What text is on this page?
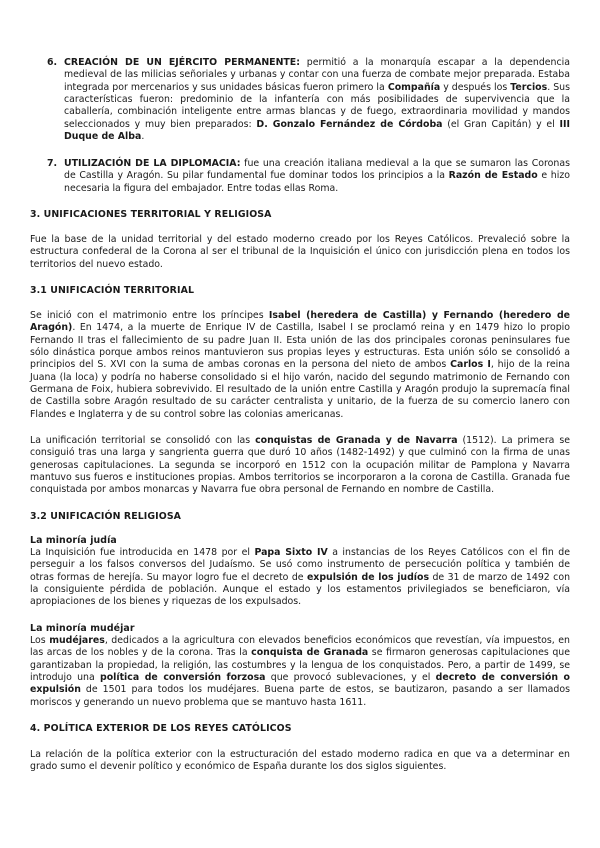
6. CREACIÓN DE UN EJÉRCITO PERMANENTE: permitió a la monarquía escapar a la dependencia medieval de las milicias señoriales y urbanas y contar con una fuerza de combate mejor preparada. Estaba integrada por mercenarios y sus unidades básicas fueron primero la Compañía y después los Tercios. Sus características fueron: predominio de la infantería con más posibilidades de supervivencia que la caballería, combinación inteligente entre armas blancas y de fuego, extraordinaria movilidad y mandos seleccionados y muy bien preparados: D. Gonzalo Fernández de Córdoba (el Gran Capitán) y el III Duque de Alba.

7. UTILIZACIÓN DE LA DIPLOMACIA: fue una creación italiana medieval a la que se sumaron las Coronas de Castilla y Aragón. Su pilar fundamental fue dominar todos los principios a la Razón de Estado e hizo necesaria la figura del embajador. Entre todas ellas Roma.

3. UNIFICACIONES TERRITORIAL Y RELIGIOSA

Fue la base de la unidad territorial y del estado moderno creado por los Reyes Católicos. Prevaleció sobre la estructura confederal de la Corona al ser el tribunal de la Inquisición el único con jurisdicción plena en todos los territorios del nuevo estado.

3.1 UNIFICACIÓN TERRITORIAL

Se inició con el matrimonio entre los príncipes Isabel (heredera de Castilla) y Fernando (heredero de Aragón). En 1474, a la muerte de Enrique IV de Castilla, Isabel I se proclamó reina y en 1479 hizo lo propio Fernando II tras el fallecimiento de su padre Juan II. Esta unión de las dos principales coronas peninsulares fue sólo dinástica porque ambos reinos mantuvieron sus propias leyes y estructuras. Esta unión sólo se consolidó a principios del S. XVI con la suma de ambas coronas en la persona del nieto de ambos Carlos I, hijo de la reina Juana (la loca) y podría no haberse consolidado si el hijo varón, nacido del segundo matrimonio de Fernando con Germana de Foix, hubiera sobrevivido. El resultado de la unión entre Castilla y Aragón produjo la supremacía final de Castilla sobre Aragón resultado de su carácter centralista y unitario, de la fuerza de su comercio lanero con Flandes e Inglaterra y de su control sobre las colonias americanas.

La unificación territorial se consolidó con las conquistas de Granada y de Navarra (1512). La primera se consiguió tras una larga y sangrienta guerra que duró 10 años (1482-1492) y que culminó con la firma de unas generosas capitulaciones. La segunda se incorporó en 1512 con la ocupación militar de Pamplona y Navarra mantuvo sus fueros e instituciones propias. Ambos territorios se incorporaron a la corona de Castilla. Granada fue conquistada por ambos monarcas y Navarra fue obra personal de Fernando en nombre de Castilla.

3.2 UNIFICACIÓN RELIGIOSA
La minoría judía

La Inquisición fue introducida en 1478 por el Papa Sixto IV a instancias de los Reyes Católicos con el fin de perseguir a los falsos conversos del Judaísmo. Se usó como instrumento de persecución política y también de otras formas de herejía. Su mayor logro fue el decreto de expulsión de los judíos de 31 de marzo de 1492 con la consiguiente pérdida de población. Aunque el estado y los estamentos privilegiados se beneficiaron, vía apropiaciones de los bienes y riquezas de los expulsados.

La minoría mudéjar

Los mudéjares, dedicados a la agricultura con elevados beneficios económicos que revestían, vía impuestos, en las arcas de los nobles y de la corona. Tras la conquista de Granada se firmaron generosas capitulaciones que garantizaban la propiedad, la religión, las costumbres y la lengua de los conquistados. Pero, a partir de 1499, se introdujo una política de conversión forzosa que provocó sublevaciones, y el decreto de conversión o expulsión de 1501 para todos los mudéjares. Buena parte de estos, se bautizaron, pasando a ser llamados moriscos y generando un nuevo problema que se mantuvo hasta 1611.

4. POLÍTICA EXTERIOR DE LOS REYES CATÓLICOS

La relación de la política exterior con la estructuración del estado moderno radica en que va a determinar en grado sumo el devenir político y económico de España durante los dos siglos siguientes.
